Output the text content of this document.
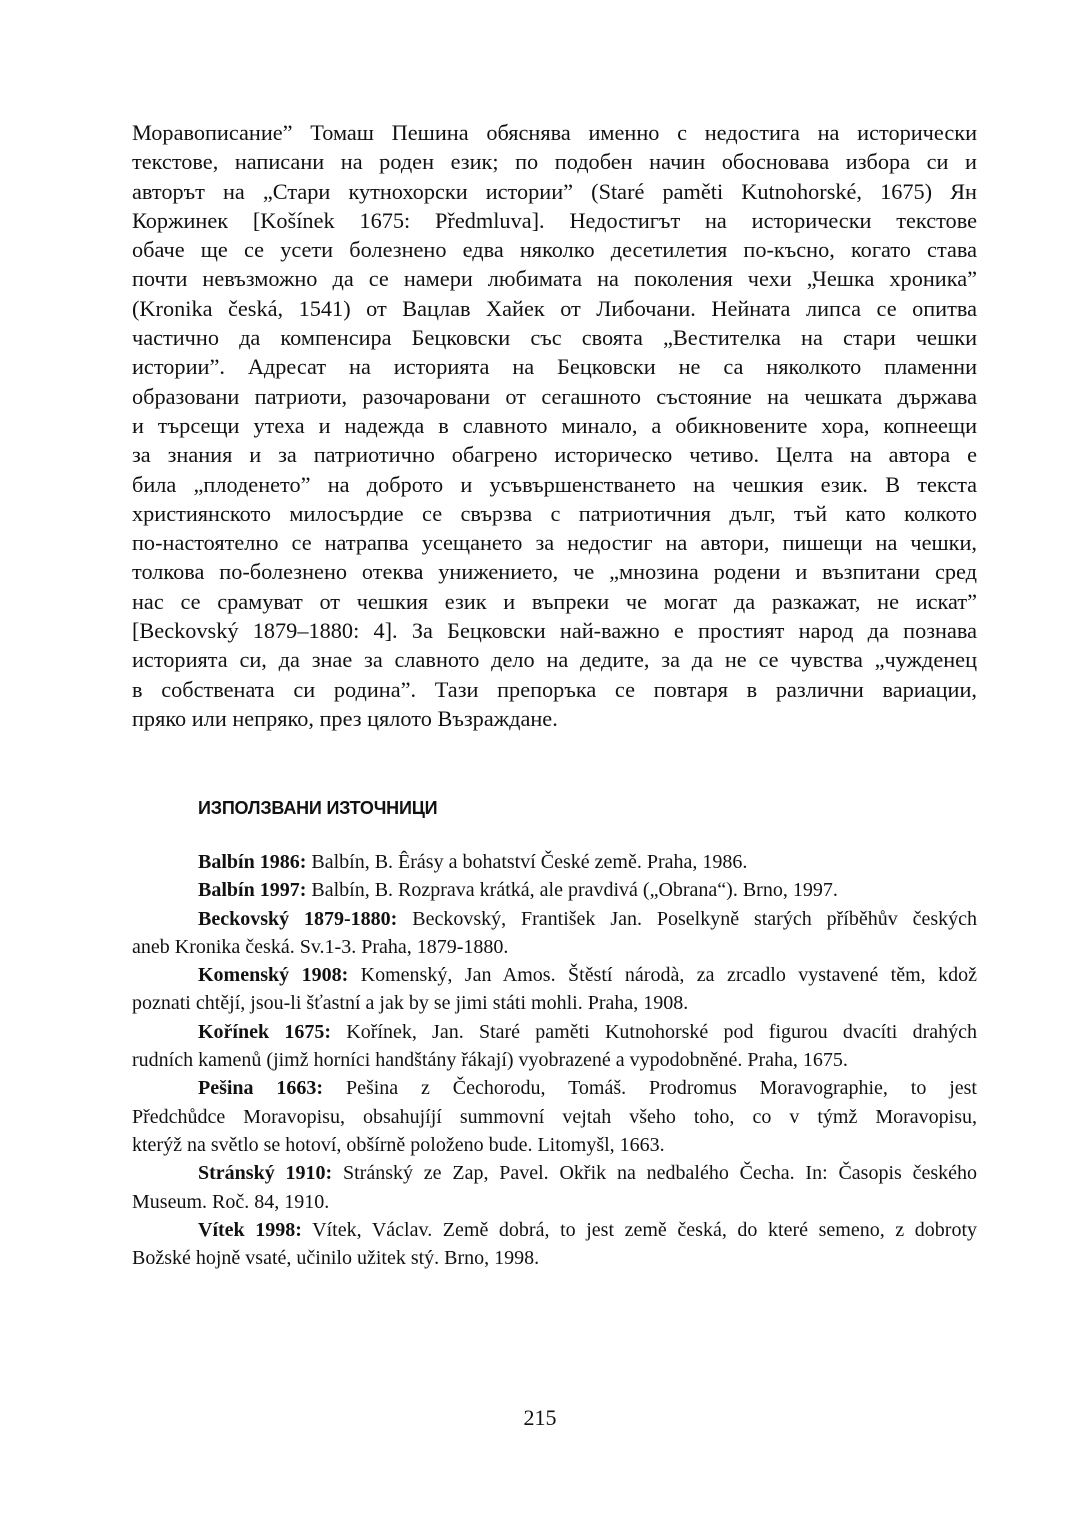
Моравописание” Томаш Пешина обяснява именно с недостига на исторически
текстове, написани на роден език; по подобен начин обосновава избора си и
авторът на „Стари кутнохорски истории” (Staré paměti Kutnohorské, 1675) Ян
Коржинек [Košínek 1675: Předmluva]. Недостигът на исторически текстове
обаче ще се усети болезнено едва няколко десетилетия по-късно, когато става
почти невъзможно да се намери любимата на поколения чехи „Чешка хроника”
(Kronika česká, 1541) от Вацлав Хайек от Либочани. Нейната липса се опитва
частично да компенсира Бецковски със своята „Вестителка на стари чешки
истории”. Адресат на историята на Бецковски не са няколкото пламенни
образовани патриоти, разочаровани от сегашното състояние на чешката държава
и търсещи утеха и надежда в славното минало, а обикновените хора, копнеещи
за знания и за патриотично обагрено историческо четиво. Целта на автора е
била „плоденето” на доброто и усъвършенстването на чешкия език. В текста
християнското милосърдие се свързва с патриотичния дълг, тъй като колкото
по-настоятелно се натрапва усещането за недостиг на автори, пишещи на чешки,
толкова по-болезнено отеква унижението, че „мнозина родени и възпитани сред
нас се срамуват от чешкия език и въпреки че могат да разкажат, не искат”
[Beckovský 1879–1880: 4]. За Бецковски най-важно е простият народ да познава
историята си, да знае за славното дело на дедите, за да не се чувства „чужденец
в собствената си родина”. Тази препоръка се повтаря в различни вариации,
пряко или непряко, през цялото Възраждане.

ИЗПОЛЗВАНИ ИЗТОЧНИЦИ

Balbín 1986: Balbín, B. Êrásy a bohatství České země. Praha, 1986.

Balbín 1997: Balbín, B. Rozprava krátká, ale pravdivá („Obrana“). Brno, 1997.

Beckovský 1879-1880: Beckovský, František Jan. Poselkyně starých příběhův českých
aneb Kronika česká. Sv.1-3. Praha, 1879-1880.

Komenský 1908: Komenský, Jan Amos. Štěstí národà, za zrcadlo vystavené těm, kdož
poznati chtějí, jsou-li šťastní a jak by se jimi státi mohli. Praha, 1908.

Kořínek 1675: Kořínek, Jan. Staré paměti Kutnohorské pod figurou dvacíti drahých
rudních kamenů (jimž horníci handštány řákají) vyobrazené a vypodobněné. Praha, 1675.

Pešina 1663: Pešina z Čechorodu, Tomáš. Prodromus Moravographie, to jest
Předchůdce Moravopisu, obsahujíjí summovní vejtah všeho toho, co v týmž Moravopisu,
kterýž na světlo se hotoví, obšírně položeno bude. Litomyšl, 1663.

Stránský 1910: Stránský ze Zap, Pavel. Okřik na nedbalého Čecha. In: Časopis českého
Museum. Roč. 84, 1910.

Vítek 1998: Vítek, Václav. Země dobrá, to jest země česká, do které semeno, z dobroty
Božské hojně vsaté, učinilo užitek stý. Brno, 1998.

215
